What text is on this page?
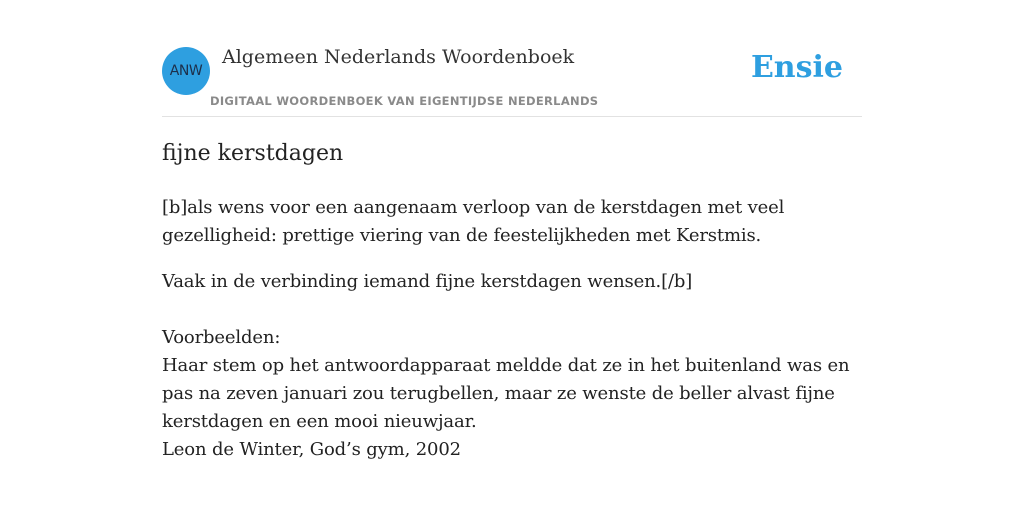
ANW
Algemeen Nederlands Woordenboek
DIGITAAL WOORDENBOEK VAN EIGENTIJDSE NEDERLANDS
Ensie
fijne kerstdagen

[b]als wens voor een aangenaam verloop van de kerstdagen met veel gezelligheid: prettige viering van de feestelijkheden met Kerstmis.

Vaak in de verbinding iemand fijne kerstdagen wensen.[/b]

Voorbeelden:
Haar stem op het antwoordapparaat meldde dat ze in het buitenland was en pas na zeven januari zou terugbellen, maar ze wenste de beller alvast fijne kerstdagen en een mooi nieuwjaar.
Leon de Winter, God’s gym, 2002
